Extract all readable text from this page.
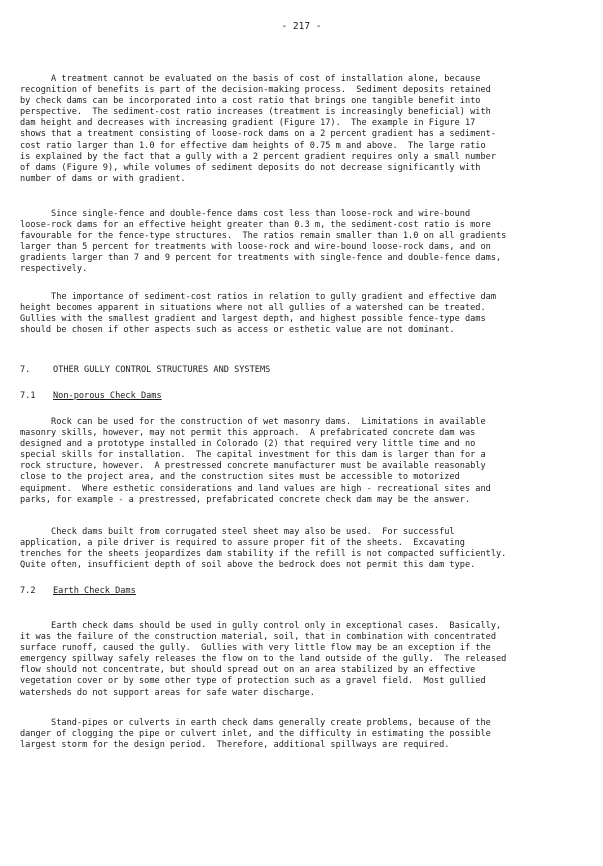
- 217 -
A treatment cannot be evaluated on the basis of cost of installation alone, because
recognition of benefits is part of the decision-making process.  Sediment deposits retained
by check dams can be incorporated into a cost ratio that brings one tangible benefit into
perspective.  The sediment-cost ratio increases (treatment is increasingly beneficial) with
dam height and decreases with increasing gradient (Figure 17).  The example in Figure 17
shows that a treatment consisting of loose-rock dams on a 2 percent gradient has a sediment-
cost ratio larger than 1.0 for effective dam heights of 0.75 m and above.  The large ratio
is explained by the fact that a gully with a 2 percent gradient requires only a small number
of dams (Figure 9), while volumes of sediment deposits do not decrease significantly with
number of dams or with gradient.
Since single-fence and double-fence dams cost less than loose-rock and wire-bound
loose-rock dams for an effective height greater than 0.3 m, the sediment-cost ratio is more
favourable for the fence-type structures.  The ratios remain smaller than 1.0 on all gradients
larger than 5 percent for treatments with loose-rock and wire-bound loose-rock dams, and on
gradients larger than 7 and 9 percent for treatments with single-fence and double-fence dams,
respectively.
The importance of sediment-cost ratios in relation to gully gradient and effective dam
height becomes apparent in situations where not all gullies of a watershed can be treated.
Gullies with the smallest gradient and largest depth, and highest possible fence-type dams
should be chosen if other aspects such as access or esthetic value are not dominant.
7.	OTHER GULLY CONTROL STRUCTURES AND SYSTEMS
7.1 Non-porous Check Dams
Rock can be used for the construction of wet masonry dams.  Limitations in available
masonry skills, however, may not permit this approach.  A prefabricated concrete dam was
designed and a prototype installed in Colorado (2) that required very little time and no
special skills for installation.  The capital investment for this dam is larger than for a
rock structure, however.  A prestressed concrete manufacturer must be available reasonably
close to the project area, and the construction sites must be accessible to motorized
equipment.  Where esthetic considerations and land values are high - recreational sites and
parks, for example - a prestressed, prefabricated concrete check dam may be the answer.
Check dams built from corrugated steel sheet may also be used.  For successful
application, a pile driver is required to assure proper fit of the sheets.  Excavating
trenches for the sheets jeopardizes dam stability if the refill is not compacted sufficiently.
Quite often, insufficient depth of soil above the bedrock does not permit this dam type.
7.2 Earth Check Dams
Earth check dams should be used in gully control only in exceptional cases.  Basically,
it was the failure of the construction material, soil, that in combination with concentrated
surface runoff, caused the gully.  Gullies with very little flow may be an exception if the
emergency spillway safely releases the flow on to the land outside of the gully.  The released
flow should not concentrate, but should spread out on an area stabilized by an effective
vegetation cover or by some other type of protection such as a gravel field.  Most gullied
watersheds do not support areas for safe water discharge.
Stand-pipes or culverts in earth check dams generally create problems, because of the
danger of clogging the pipe or culvert inlet, and the difficulty in estimating the possible
largest storm for the design period.  Therefore, additional spillways are required.
